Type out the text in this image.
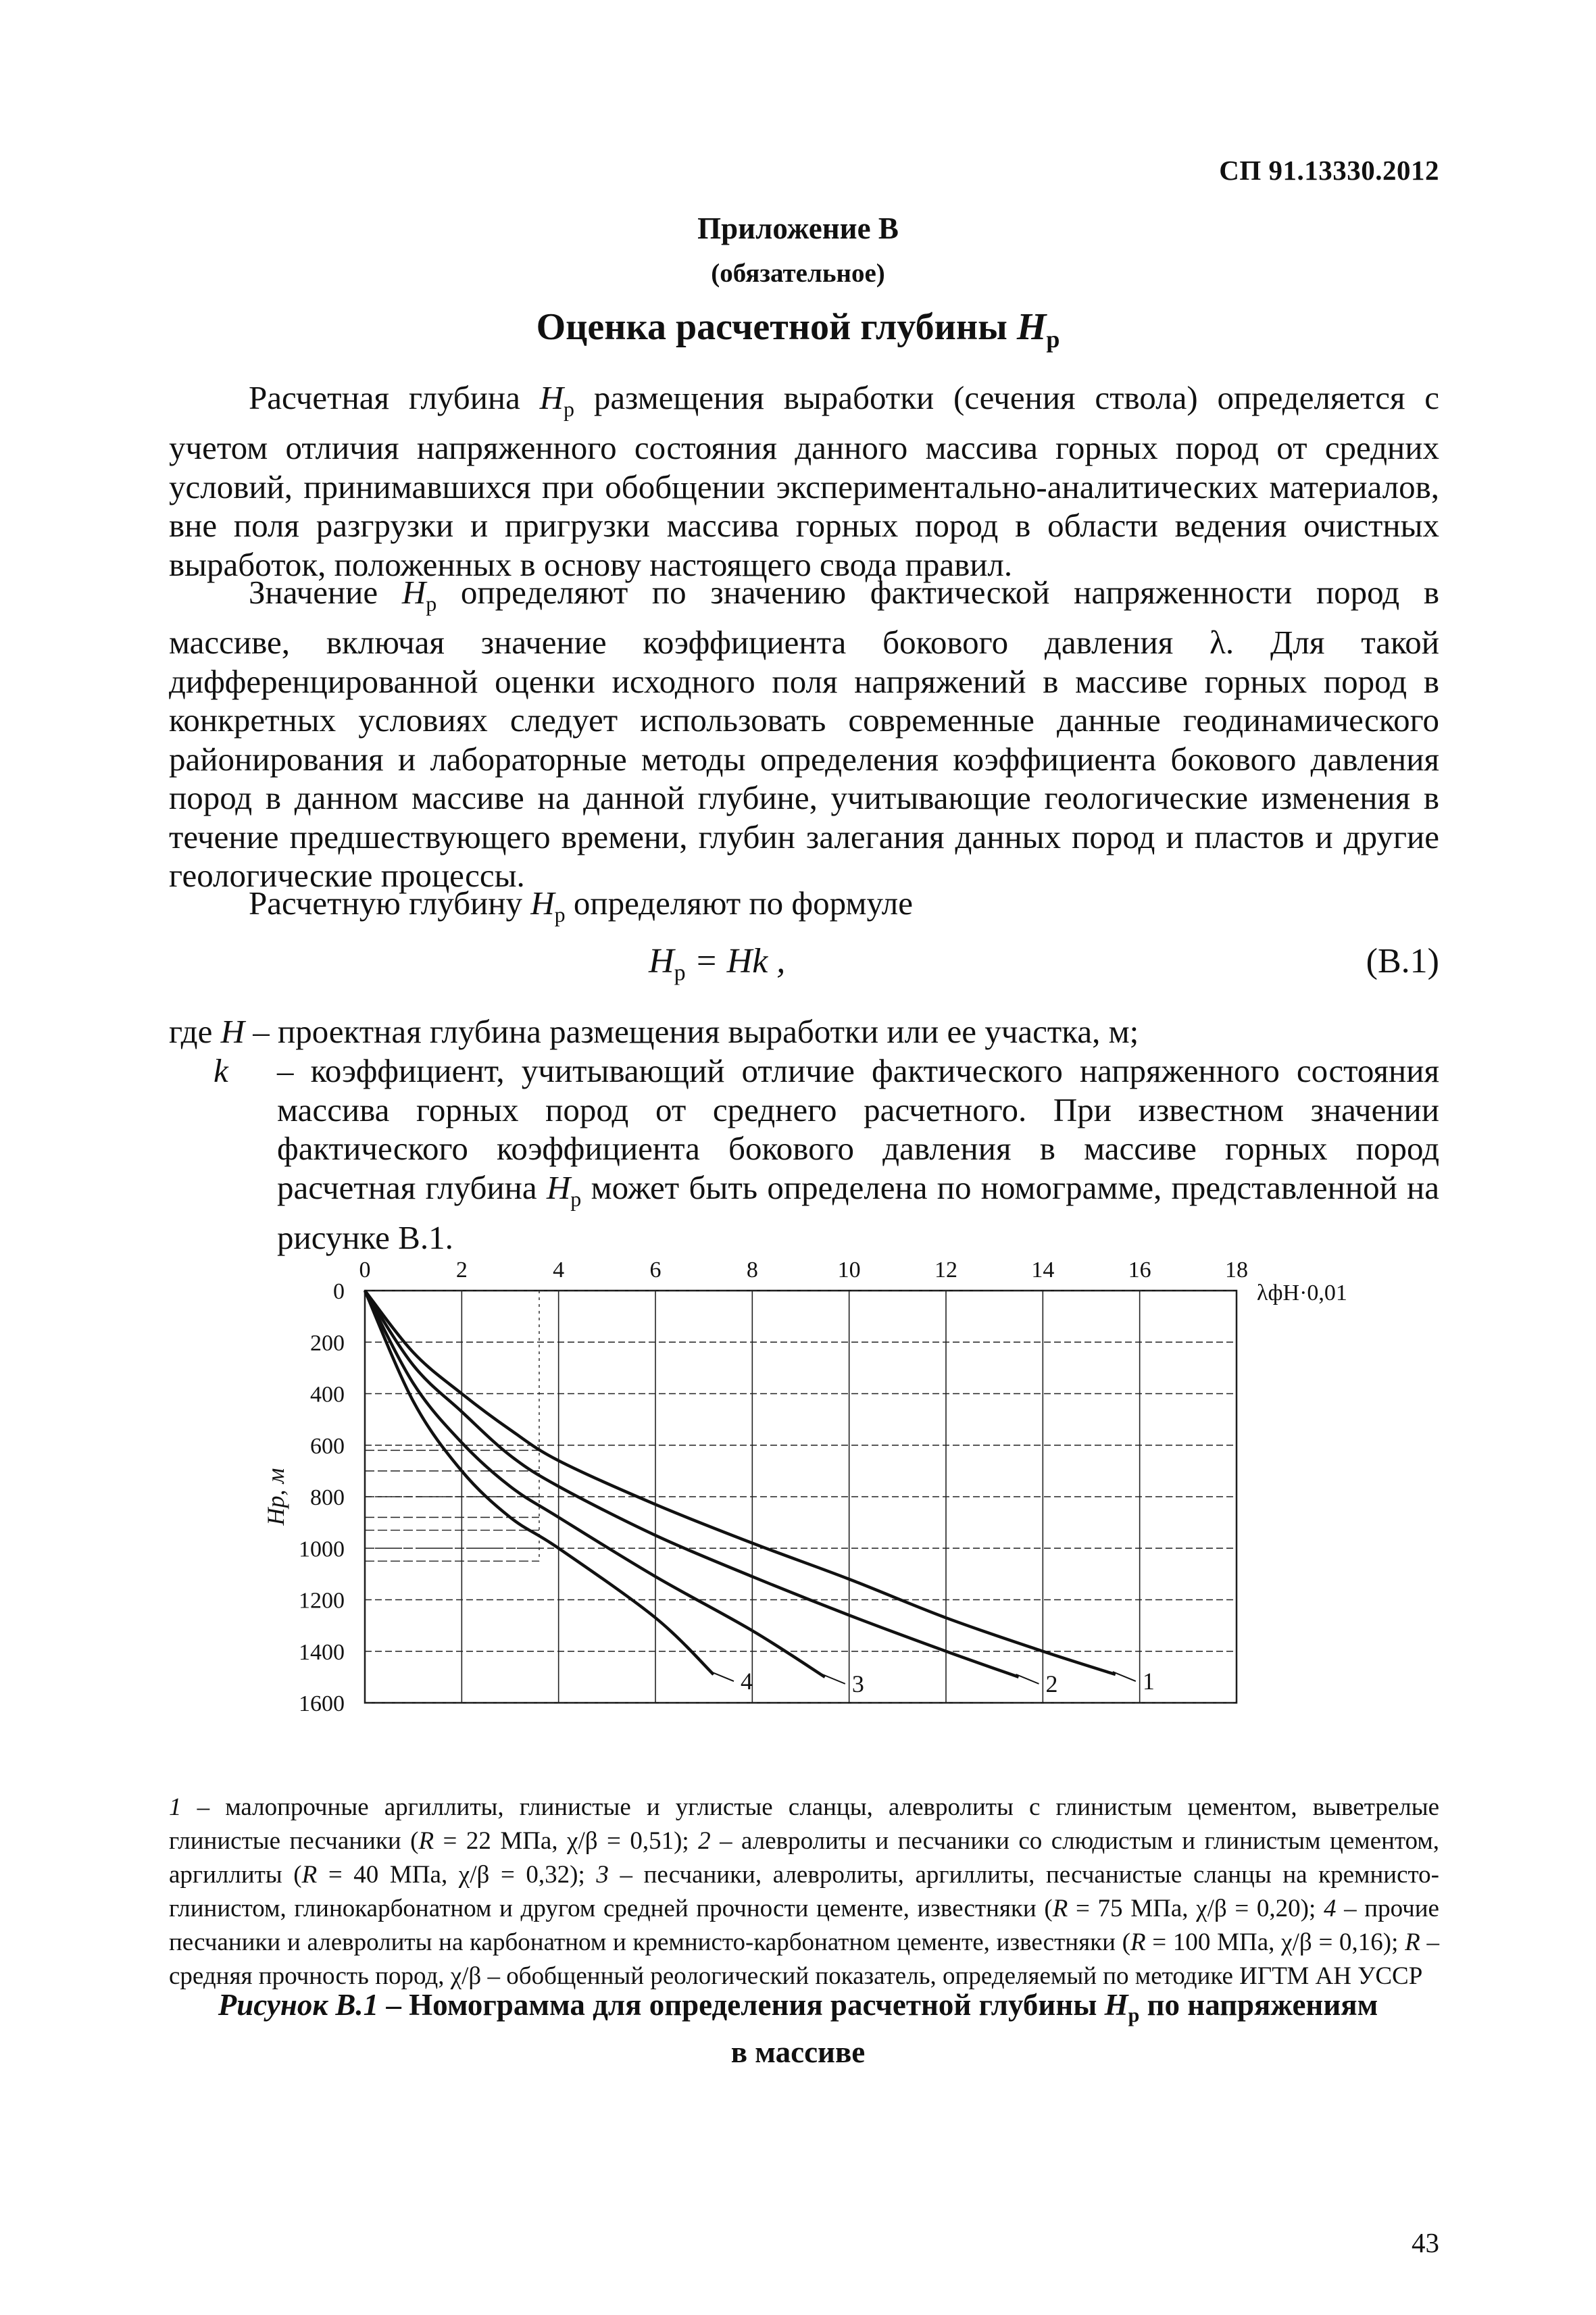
СП 91.13330.2012
Приложение В
(обязательное)
Оценка расчетной глубины $H_р$

Расчетная глубина $H_р$ размещения выработки (сечения ствола) определяется с учетом отличия напряженного состояния данного массива горных пород от средних условий, принимавшихся при обобщении экспериментально-аналитических материалов, вне поля разгрузки и пригрузки массива горных пород в области ведения очистных выработок, положенных в основу настоящего свода правил.

Значение $H_р$ определяют по значению фактической напряженности пород в массиве, включая значение коэффициента бокового давления λ. Для такой дифференцированной оценки исходного поля напряжений в массиве горных пород в конкретных условиях следует использовать современные данные геодинамического районирования и лабораторные методы определения коэффициента бокового давления пород в данном массиве на данной глубине, учитывающие геологические изменения в течение предшествующего времени, глубин залегания данных пород и пластов и другие геологические процессы.

Расчетную глубину $H_р$ определяют по формуле

$H_p = Hk$ ,	(B.1)
где H – проектная глубина размещения выработки или ее участка, м;
k – коэффициент, учитывающий отличие фактического напряженного состояния массива горных пород от среднего расчетного. При известном значении фактического коэффициента бокового давления в массиве горных пород расчетная глубина $H_р$ может быть определена по номограмме, представленной на рисунке В.1.
0	2	4	6	8	10	12	14	16	18
0
200
400
600
800
1000
1200
1400
1600
1
2
3
4
λфH·0,01
Hр, м
1 – малопрочные аргиллиты, глинистые и углистые сланцы, алевролиты с глинистым цементом, выветрелые глинистые песчаники (R = 22 МПа, χ/β = 0,51); 2 – алевролиты и песчаники со слюдистым и глинистым цементом, аргиллиты (R = 40 МПа, χ/β = 0,32); 3 – песчаники, алевролиты, аргиллиты, песчанистые сланцы на кремнисто-глинистом, глинокарбонатном и другом средней прочности цементе, известняки (R = 75 МПа, χ/β = 0,20); 4 – прочие песчаники и алевролиты на карбонатном и кремнисто-карбонатном цементе, известняки (R = 100 МПа, χ/β = 0,16); R – средняя прочность пород, χ/β – обобщенный реологический показатель, определяемый по методике ИГТМ АН УССР
Рисунок В.1 – Номограмма для определения расчетной глубины $H_р$ по напряжениям
в массиве
43
